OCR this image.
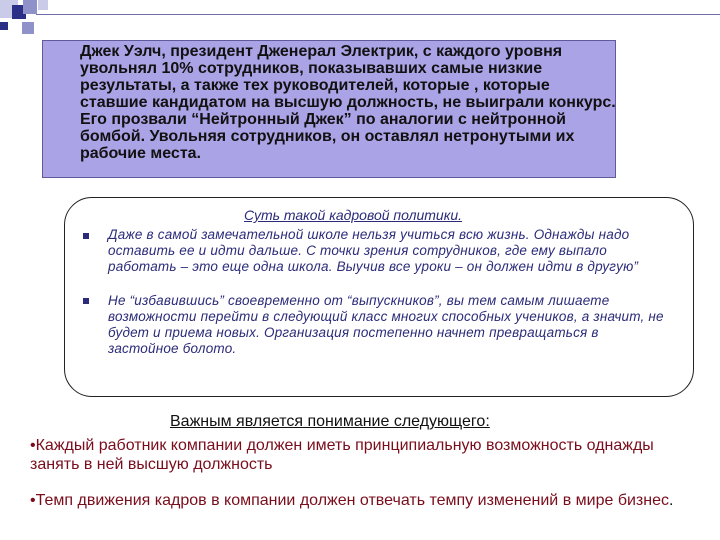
Джек Уэлч, президент Дженерал Электрик, с каждого уровня увольнял 10% сотрудников, показывавших самые низкие результаты, а также тех руководителей, которые , которые ставшие кандидатом на высшую должность, не выиграли конкурс. Его прозвали “Нейтронный Джек” по аналогии с нейтронной бомбой. Увольняя сотрудников, он оставлял нетронутыми их рабочие места.

Суть такой кадровой политики.

Даже в самой замечательной школе нельзя учиться всю жизнь. Однажды надо оставить ее и идти дальше. С точки зрения сотрудников, где ему выпало работать – это еще одна школа. Выучив все уроки – он должен идти в другую”

Не “избавившись” своевременно от “выпускников”, вы тем самым лишаете возможности перейти в следующий класс многих способных учеников, а значит, не будет и приема новых. Организация постепенно начнет превращаться в застойное болото.

Важным является понимание следующего:

•Каждый работник компании должен иметь принципиальную возможность однажды занять в ней высшую должность

•Темп движения кадров в компании должен отвечать темпу изменений в мире бизнес.
